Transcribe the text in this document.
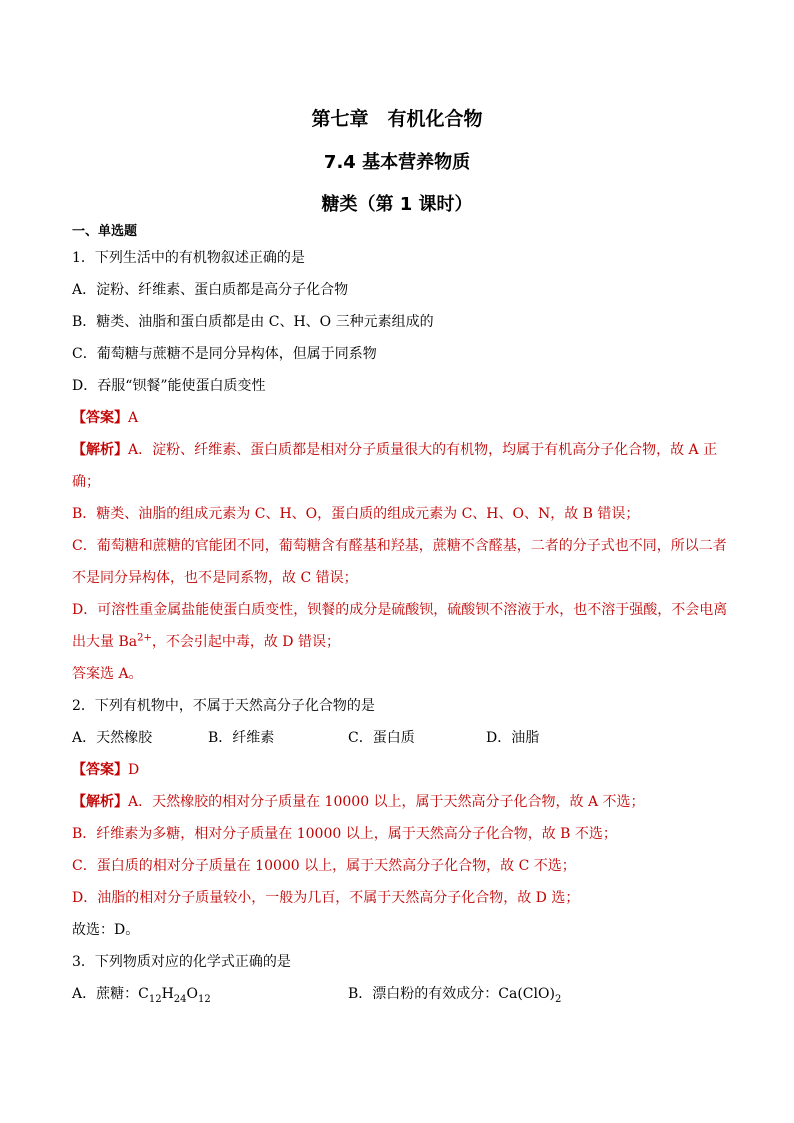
第七章　有机化合物
7.4 基本营养物质
糖类（第 1 课时）
一、单选题
1．下列生活中的有机物叙述正确的是
A．淀粉、纤维素、蛋白质都是高分子化合物
B．糖类、油脂和蛋白质都是由 C、H、O 三种元素组成的
C．葡萄糖与蔗糖不是同分异构体，但属于同系物
D．吞服“钡餐”能使蛋白质变性
【答案】A
【解析】A．淀粉、纤维素、蛋白质都是相对分子质量很大的有机物，均属于有机高分子化合物，故 A 正
确；
B．糖类、油脂的组成元素为 C、H、O，蛋白质的组成元素为 C、H、O、N，故 B 错误；
C．葡萄糖和蔗糖的官能团不同，葡萄糖含有醛基和羟基，蔗糖不含醛基，二者的分子式也不同，所以二者
不是同分异构体，也不是同系物，故 C 错误；
D．可溶性重金属盐能使蛋白质变性，钡餐的成分是硫酸钡，硫酸钡不溶液于水，也不溶于强酸，不会电离
出大量 $Ba^{2+}$，不会引起中毒，故 D 错误；
答案选 A。
2．下列有机物中，不属于天然高分子化合物的是
A．天然橡胶	B．纤维素	C．蛋白质	D．油脂
【答案】D
【解析】A．天然橡胶的相对分子质量在 10000 以上，属于天然高分子化合物，故 A 不选；
B．纤维素为多糖，相对分子质量在 10000 以上，属于天然高分子化合物，故 B 不选；
C．蛋白质的相对分子质量在 10000 以上，属于天然高分子化合物，故 C 不选；
D．油脂的相对分子质量较小，一般为几百，不属于天然高分子化合物，故 D 选；
故选：D。
3．下列物质对应的化学式正确的是
A．蔗糖：$C_{12}H_{24}O_{12}$	B．漂白粉的有效成分：$Ca(ClO)_2$
